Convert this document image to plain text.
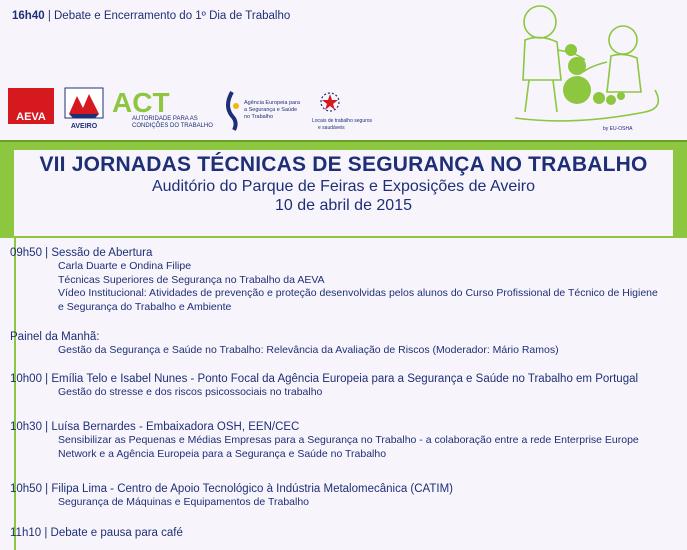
16h40 | Debate e Encerramento do 1º Dia de Trabalho
by EU-OSHA
AEVA
AVEIRO
ACT
AUTORIDADE PARA AS
CONDIÇÕES DO TRABALHO
Agência Europeia para
a Segurança e Saúde
no Trabalho
Locais de trabalho seguros
e saudáveis
VII JORNADAS TÉCNICAS DE SEGURANÇA NO TRABALHO
Auditório do Parque de Feiras e Exposições de Aveiro
10 de abril de 2015
09h50 | Sessão de Abertura
Carla Duarte e Ondina Filipe
Técnicas Superiores de Segurança no Trabalho da AEVA
Vídeo Institucional: Atividades de prevenção e proteção desenvolvidas pelos alunos do Curso Profissional de Técnico de Higiene
e Segurança do Trabalho e Ambiente
Painel da Manhã:
Gestão da Segurança e Saúde no Trabalho: Relevância da Avaliação de Riscos (Moderador: Mário Ramos)
10h00 | Emília Telo e Isabel Nunes - Ponto Focal da Agência Europeia para a Segurança e Saúde no Trabalho em Portugal
Gestão do stresse e dos riscos psicossociais no trabalho
10h30 | Luísa Bernardes - Embaixadora OSH, EEN/CEC
Sensibilizar as Pequenas e Médias Empresas para a Segurança no Trabalho - a colaboração entre a rede Enterprise Europe
Network e a Agência Europeia para a Segurança e Saúde no Trabalho
10h50 | Filipa Lima - Centro de Apoio Tecnológico à Indústria Metalomecânica (CATIM)
Segurança de Máquinas e Equipamentos de Trabalho
11h10 | Debate e pausa para café
